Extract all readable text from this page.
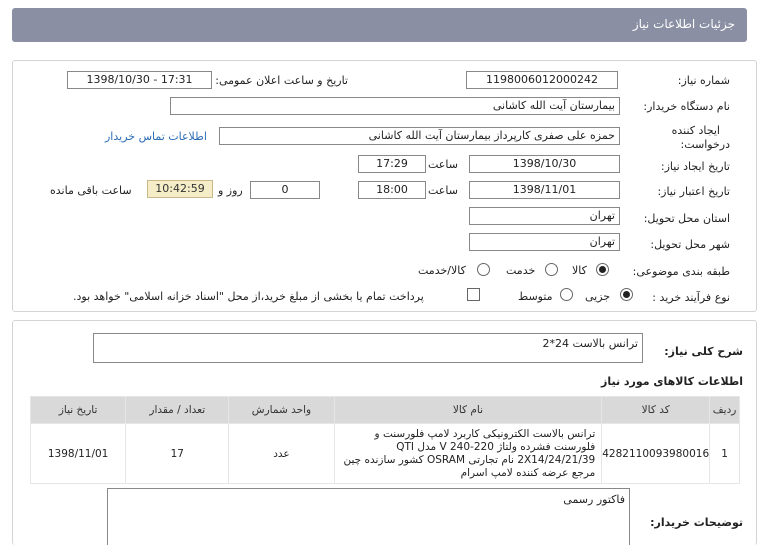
جزئیات اطلاعات نیاز
شماره نیاز:
1198006012000242
تاریخ و ساعت اعلان عمومی:
1398/10/30 - 17:31
نام دستگاه خریدار:
بیمارستان آیت الله کاشانی
ایجاد کننده
درخواست:
حمزه علی صفری کارپرداز بیمارستان آیت الله کاشانی
اطلاعات تماس خریدار
تاریخ ایجاد نیاز:
1398/10/30
ساعت
17:29
تاریخ اعتبار نیاز:
1398/11/01
ساعت
18:00
0
روز و
10:42:59
ساعت باقی مانده
استان محل تحویل:
تهران
شهر محل تحویل:
تهران
طبقه بندی موضوعی:
کالا
خدمت
کالا/خدمت
نوع فرآیند خرید :
جزیی
متوسط
پرداخت تمام یا بخشی از مبلغ خرید،از محل "اسناد خزانه اسلامی" خواهد بود.
شرح کلی نیاز:
ترانس بالاست 24*2
اطلاعات کالاهای مورد نیاز
ردیف	کد کالا	نام کالا	واحد شمارش	تعداد / مقدار	تاریخ نیاز
1	4282110093980016	ترانس بالاست الکترونیکی کاربرد لامپ فلورسنت و فلورسنت فشرده ولتاژ 220-240 V مدل QTI 2X14/24/21/39 نام تجارتی OSRAM کشور سازنده چین مرجع عرضه کننده لامپ اسرام	عدد	17	1398/11/01
توضیحات خریدار:
فاکتور رسمی
